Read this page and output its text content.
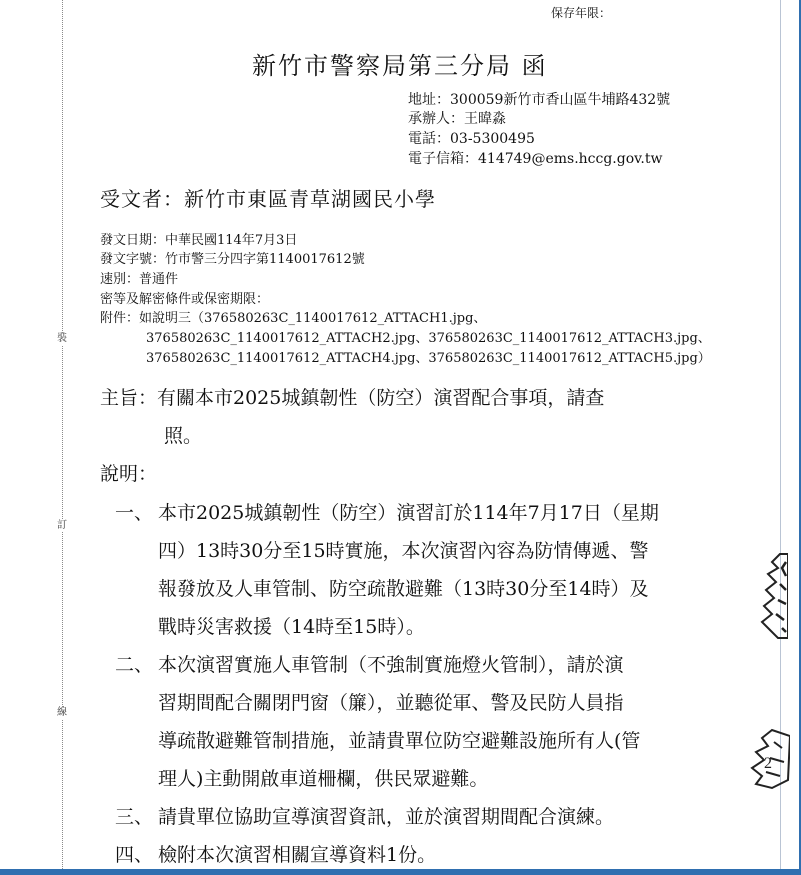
裝
訂
線
保存年限：
新竹市警察局第三分局 函
地址：300059新竹市香山區牛埔路432號
承辦人：王暐淼
電話：03-5300495
電子信箱：414749@ems.hccg.gov.tw
受文者：新竹市東區青草湖國民小學
發文日期：中華民國114年7月3日
發文字號：竹市警三分四字第1140017612號
速別：普通件
密等及解密條件或保密期限：
附件：如說明三（376580263C_1140017612_ATTACH1.jpg、
376580263C_1140017612_ATTACH2.jpg、376580263C_1140017612_ATTACH3.jpg、
376580263C_1140017612_ATTACH4.jpg、376580263C_1140017612_ATTACH5.jpg）
主旨：有關本市2025城鎮韌性（防空）演習配合事項，請查
照。
說明：
一、 本市2025城鎮韌性（防空）演習訂於114年7月17日（星期
四）13時30分至15時實施，本次演習內容為防情傳遞、警
報發放及人車管制、防空疏散避難（13時30分至14時）及
戰時災害救援（14時至15時）。
二、 本次演習實施人車管制（不強制實施燈火管制），請於演
習期間配合關閉門窗（簾），並聽從軍、警及民防人員指
導疏散避難管制措施，並請貴單位防空避難設施所有人(管
理人)主動開啟車道柵欄，供民眾避難。
三、 請貴單位協助宣導演習資訊，並於演習期間配合演練。
四、 檢附本次演習相關宣導資料1份。
2
